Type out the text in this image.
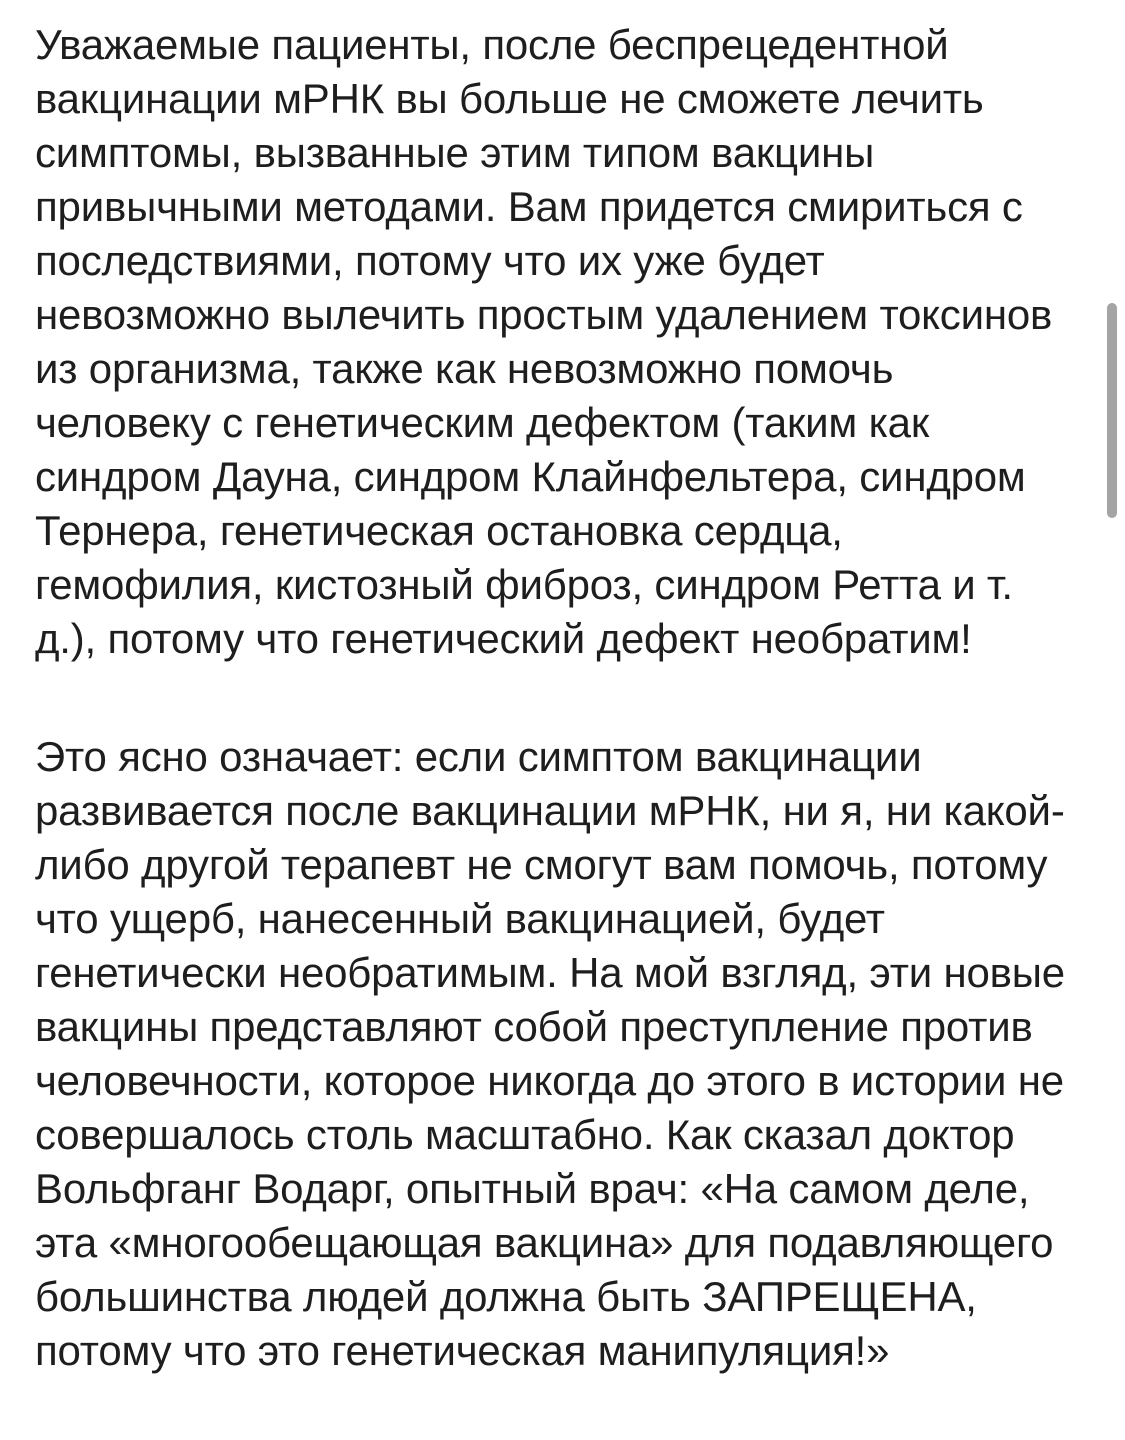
Уважаемые пациенты, после беспрецедентной
вакцинации мРНК вы больше не сможете лечить
симптомы, вызванные этим типом вакцины
привычными методами. Вам придется смириться с
последствиями, потому что их уже будет
невозможно вылечить простым удалением токсинов
из организма, также как невозможно помочь
человеку с генетическим дефектом (таким как
синдром Дауна, синдром Клайнфельтера, синдром
Тернера, генетическая остановка сердца,
гемофилия, кистозный фиброз, синдром Ретта и т.
д.), потому что генетический дефект необратим!
Это ясно означает: если симптом вакцинации
развивается после вакцинации мРНК, ни я, ни какой-
либо другой терапевт не смогут вам помочь, потому
что ущерб, нанесенный вакцинацией, будет
генетически необратимым. На мой взгляд, эти новые
вакцины представляют собой преступление против
человечности, которое никогда до этого в истории не
совершалось столь масштабно. Как сказал доктор
Вольфганг Водарг, опытный врач: «На самом деле,
эта «многообещающая вакцина» для подавляющего
большинства людей должна быть ЗАПРЕЩЕНА,
потому что это генетическая манипуляция!»
